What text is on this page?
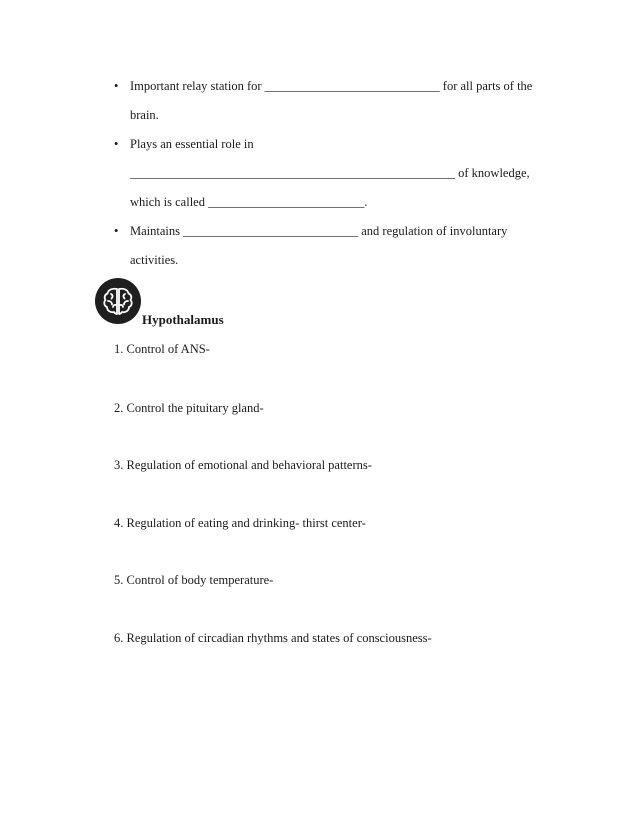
• Important relay station for ____________________________ for all parts of the
brain.
• Plays an essential role in
____________________________________________________ of knowledge,
which is called _________________________.
• Maintains ____________________________ and regulation of involuntary
activities.
Hypothalamus
1. Control of ANS-
2. Control the pituitary gland-
3. Regulation of emotional and behavioral patterns-
4. Regulation of eating and drinking- thirst center-
5. Control of body temperature-
6. Regulation of circadian rhythms and states of consciousness-
